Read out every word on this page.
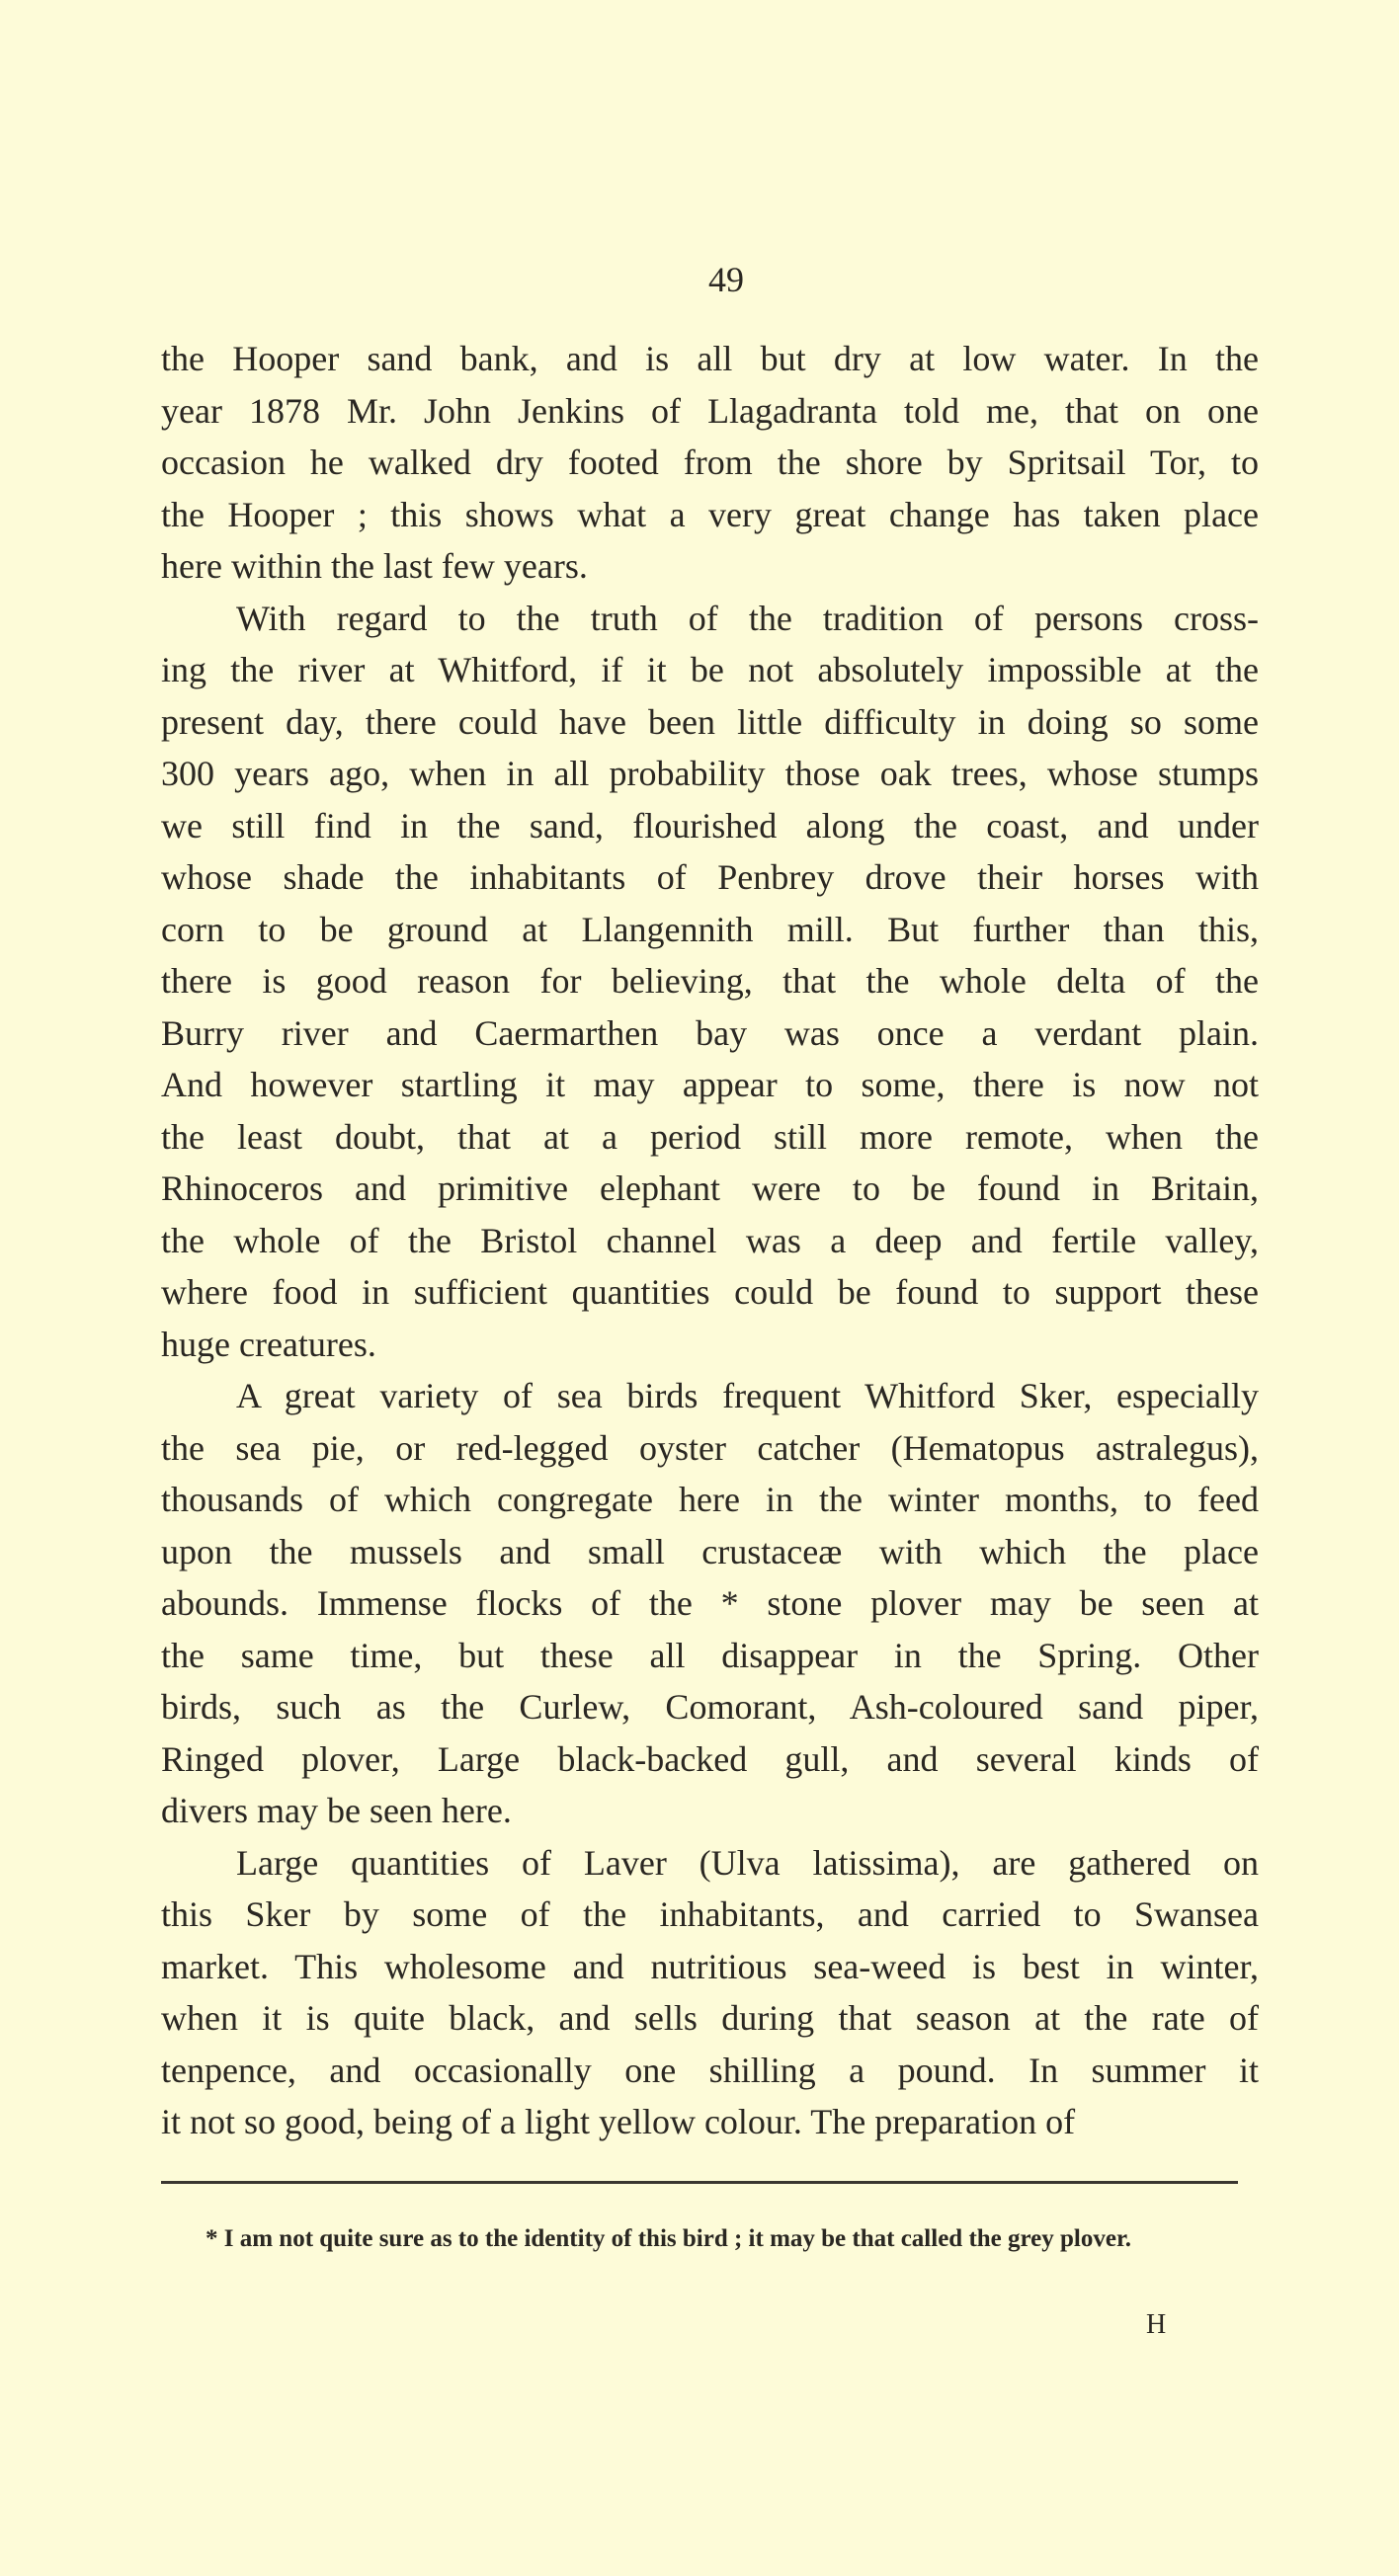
49
the Hooper sand bank, and is all but dry at low water. In the
year 1878 Mr. John Jenkins of Llagadranta told me, that on one
occasion he walked dry footed from the shore by Spritsail Tor, to
the Hooper ; this shows what a very great change has taken place
here within the last few years.
With regard to the truth of the tradition of persons cross-
ing the river at Whitford, if it be not absolutely impossible at the
present day, there could have been little difficulty in doing so some
300 years ago, when in all probability those oak trees, whose stumps
we still find in the sand, flourished along the coast, and under
whose shade the inhabitants of Penbrey drove their horses with
corn to be ground at Llangennith mill. But further than this,
there is good reason for believing, that the whole delta of the
Burry river and Caermarthen bay was once a verdant plain.
And however startling it may appear to some, there is now not
the least doubt, that at a period still more remote, when the
Rhinoceros and primitive elephant were to be found in Britain,
the whole of the Bristol channel was a deep and fertile valley,
where food in sufficient quantities could be found to support these
huge creatures.
A great variety of sea birds frequent Whitford Sker, especially
the sea pie, or red-legged oyster catcher (Hematopus astralegus),
thousands of which congregate here in the winter months, to feed
upon the mussels and small crustaceæ with which the place
abounds. Immense flocks of the * stone plover may be seen at
the same time, but these all disappear in the Spring. Other
birds, such as the Curlew, Comorant, Ash-coloured sand piper,
Ringed plover, Large black-backed gull, and several kinds of
divers may be seen here.
Large quantities of Laver (Ulva latissima), are gathered on
this Sker by some of the inhabitants, and carried to Swansea
market. This wholesome and nutritious sea-weed is best in winter,
when it is quite black, and sells during that season at the rate of
tenpence, and occasionally one shilling a pound. In summer it
it not so good, being of a light yellow colour. The preparation of
* I am not quite sure as to the identity of this bird ; it may be that called the grey plover.
H
